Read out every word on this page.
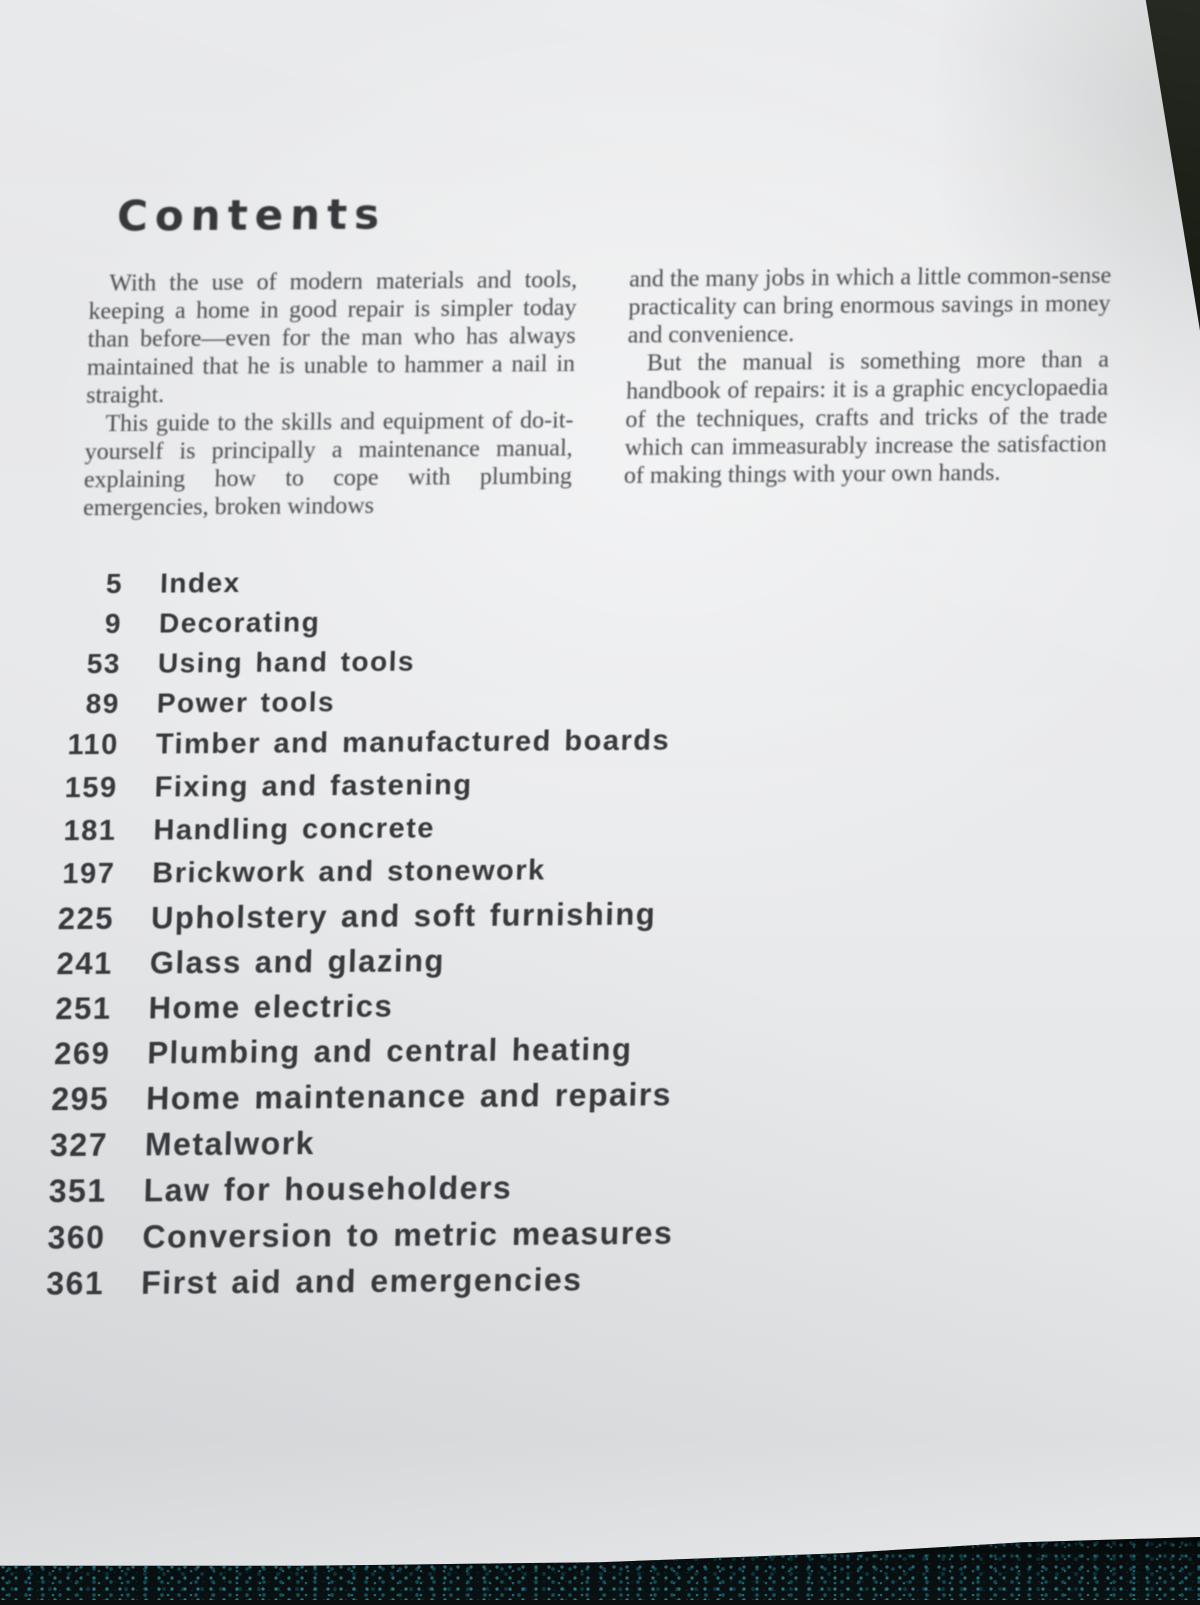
Contents

With the use of modern materials and tools, keeping a home in good repair is simpler today than before—even for the man who has always maintained that he is unable to hammer a nail in straight.

This guide to the skills and equipment of do-it-yourself is principally a maintenance manual, explaining how to cope with plumbing emergencies, broken windows

and the many jobs in which a little common-sense practicality can bring enormous savings in money and convenience.

But the manual is something more than a handbook of repairs: it is a graphic encyclopaedia of the techniques, crafts and tricks of the trade which can immeasurably increase the satisfaction of making things with your own hands.

5 Index
9 Decorating
53 Using hand tools
89 Power tools
110 Timber and manufactured boards
159 Fixing and fastening
181 Handling concrete
197 Brickwork and stonework
225 Upholstery and soft furnishing
241 Glass and glazing
251 Home electrics
269 Plumbing and central heating
295 Home maintenance and repairs
327 Metalwork
351 Law for householders
360 Conversion to metric measures
361 First aid and emergencies
